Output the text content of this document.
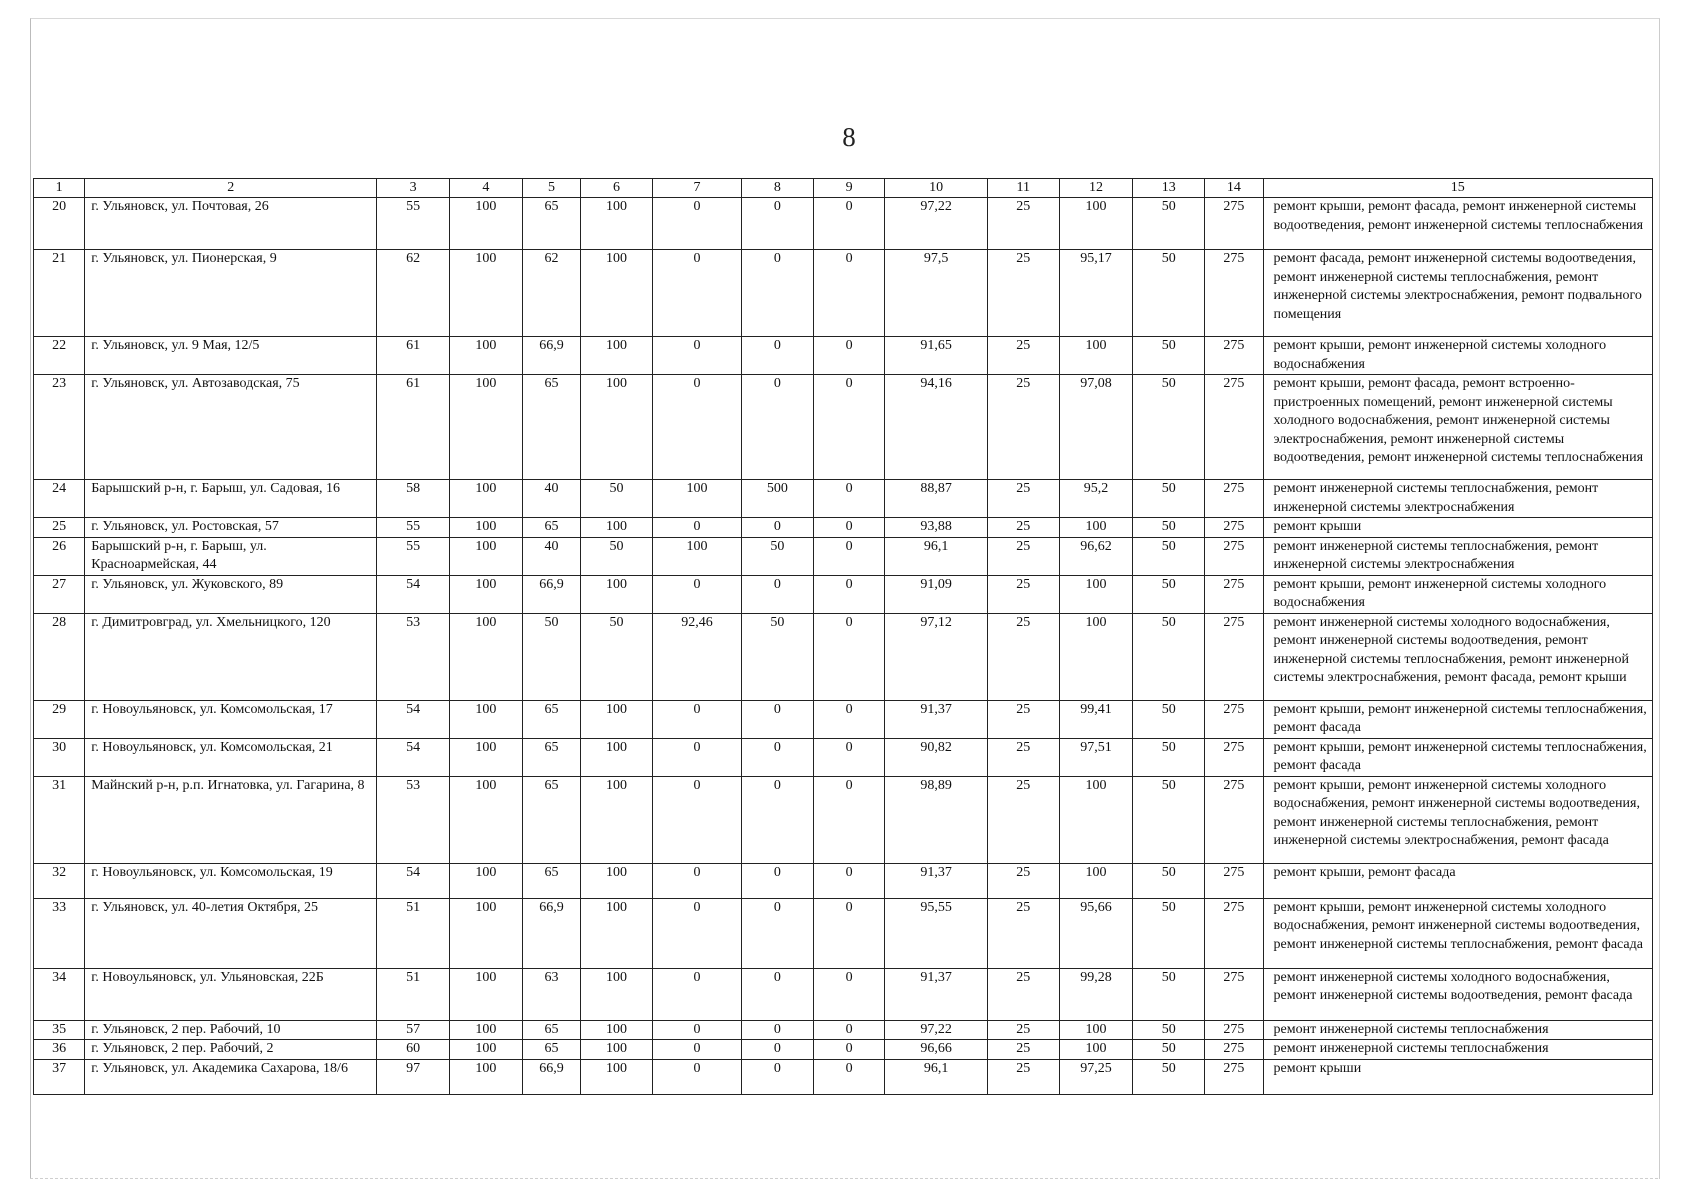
8
1	2	3	4	5	6	7	8	9	10	11	12	13	14	15
20	г. Ульяновск, ул. Почтовая, 26	55	100	65	100	0	0	0	97,22	25	100	50	275	ремонт крыши, ремонт фасада, ремонт инженерной системы водоотведения, ремонт инженерной системы теплоснабжения
21	г. Ульяновск, ул. Пионерская, 9	62	100	62	100	0	0	0	97,5	25	95,17	50	275	ремонт фасада, ремонт инженерной системы водоотведения, ремонт инженерной системы теплоснабжения, ремонт инженерной системы электроснабжения, ремонт подвального помещения
22	г. Ульяновск, ул. 9 Мая, 12/5	61	100	66,9	100	0	0	0	91,65	25	100	50	275	ремонт крыши, ремонт инженерной системы холодного водоснабжения
23	г. Ульяновск, ул. Автозаводская, 75	61	100	65	100	0	0	0	94,16	25	97,08	50	275	ремонт крыши, ремонт фасада, ремонт встроенно-пристроенных помещений, ремонт инженерной системы холодного водоснабжения, ремонт инженерной системы электроснабжения, ремонт инженерной системы водоотведения, ремонт инженерной системы теплоснабжения
24	Барышский р-н, г. Барыш, ул. Садовая, 16	58	100	40	50	100	500	0	88,87	25	95,2	50	275	ремонт инженерной системы теплоснабжения, ремонт инженерной системы электроснабжения
25	г. Ульяновск, ул. Ростовская, 57	55	100	65	100	0	0	0	93,88	25	100	50	275	ремонт крыши
26	Барышский р-н, г. Барыш, ул. Красноармейская, 44	55	100	40	50	100	50	0	96,1	25	96,62	50	275	ремонт инженерной системы теплоснабжения, ремонт инженерной системы электроснабжения
27	г. Ульяновск, ул. Жуковского, 89	54	100	66,9	100	0	0	0	91,09	25	100	50	275	ремонт крыши, ремонт инженерной системы холодного водоснабжения
28	г. Димитровград, ул. Хмельницкого, 120	53	100	50	50	92,46	50	0	97,12	25	100	50	275	ремонт инженерной системы холодного водоснабжения, ремонт инженерной системы водоотведения, ремонт инженерной системы теплоснабжения, ремонт инженерной системы электроснабжения, ремонт фасада, ремонт крыши
29	г. Новоульяновск, ул. Комсомольская, 17	54	100	65	100	0	0	0	91,37	25	99,41	50	275	ремонт крыши, ремонт инженерной системы теплоснабжения, ремонт фасада
30	г. Новоульяновск, ул. Комсомольская, 21	54	100	65	100	0	0	0	90,82	25	97,51	50	275	ремонт крыши, ремонт инженерной системы теплоснабжения, ремонт фасада
31	Майнский р-н, р.п. Игнатовка, ул. Гагарина, 8	53	100	65	100	0	0	0	98,89	25	100	50	275	ремонт крыши, ремонт инженерной системы холодного водоснабжения, ремонт инженерной системы водоотведения, ремонт инженерной системы теплоснабжения, ремонт инженерной системы электроснабжения, ремонт фасада
32	г. Новоульяновск, ул. Комсомольская, 19	54	100	65	100	0	0	0	91,37	25	100	50	275	ремонт крыши, ремонт фасада
33	г. Ульяновск, ул. 40-летия Октября, 25	51	100	66,9	100	0	0	0	95,55	25	95,66	50	275	ремонт крыши, ремонт инженерной системы холодного водоснабжения, ремонт инженерной системы водоотведения, ремонт инженерной системы теплоснабжения, ремонт фасада
34	г. Новоульяновск, ул. Ульяновская, 22Б	51	100	63	100	0	0	0	91,37	25	99,28	50	275	ремонт инженерной системы холодного водоснабжения, ремонт инженерной системы водоотведения, ремонт фасада
35	г. Ульяновск, 2 пер. Рабочий, 10	57	100	65	100	0	0	0	97,22	25	100	50	275	ремонт инженерной системы теплоснабжения
36	г. Ульяновск, 2 пер. Рабочий, 2	60	100	65	100	0	0	0	96,66	25	100	50	275	ремонт инженерной системы теплоснабжения
37	г. Ульяновск, ул. Академика Сахарова, 18/6	97	100	66,9	100	0	0	0	96,1	25	97,25	50	275	ремонт крыши
